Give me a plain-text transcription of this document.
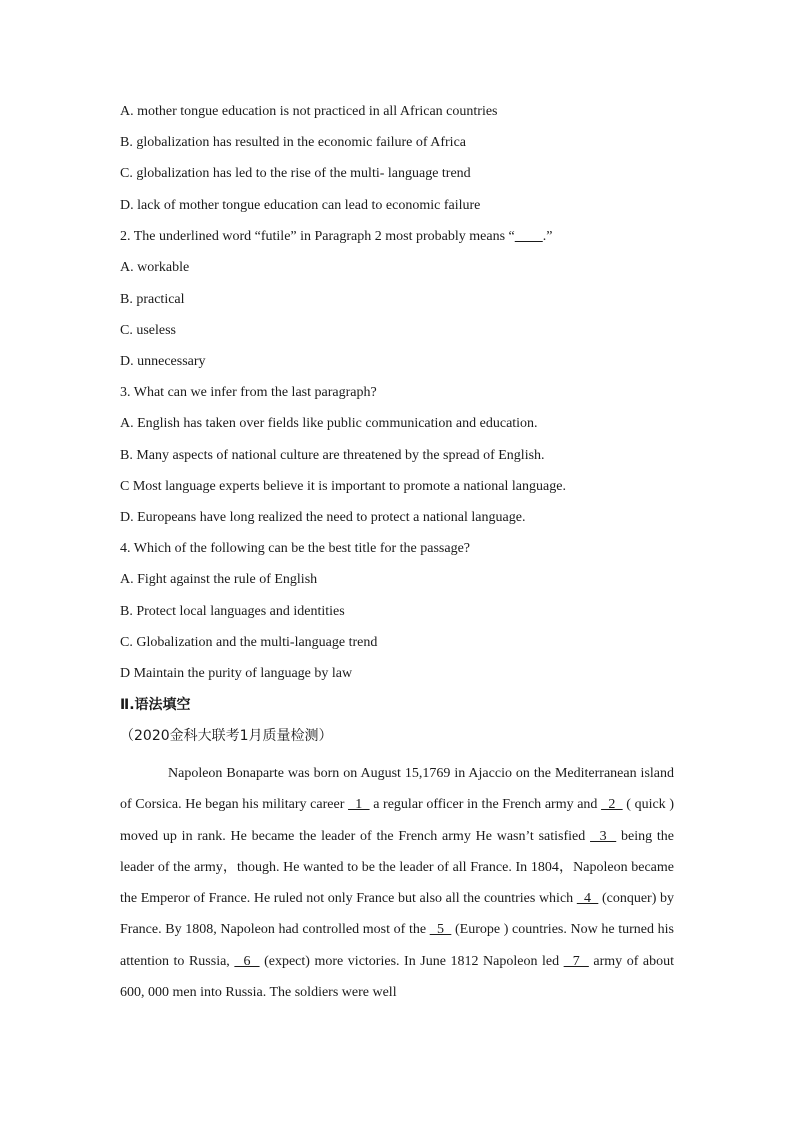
A. mother tongue education is not practiced in all African countries
B. globalization has resulted in the economic failure of Africa
C. globalization has led to the rise of the multi- language trend
D. lack of mother tongue education can lead to economic failure
2. The underlined word “futile” in Paragraph 2 most probably means “ .”
A. workable
B. practical
C. useless
D. unnecessary
3. What can we infer from the last paragraph?
A. English has taken over fields like public communication and education.
B. Many aspects of national culture are threatened by the spread of English.
C Most language experts believe it is important to promote a national language.
D. Europeans have long realized the need to protect a national language.
4. Which of the following can be the best title for the passage?
A. Fight against the rule of English
B. Protect local languages and identities
C. Globalization and the multi-language trend
D Maintain the purity of language by law
Ⅱ.语法填空
（2020金科大联考1月质量检测）
Napoleon Bonaparte was born on August 15,1769 in Ajaccio on the Mediterranean island of Corsica. He began his military career   1   a regular officer in the French army and   2   ( quick ) moved up in rank. He became the leader of the French army He wasn’t satisfied   3   being the leader of the army，though. He wanted to be the leader of all France. In 1804，Napoleon became the Emperor of France. He ruled not only France but also all the countries which   4   (conquer) by France. By 1808, Napoleon had controlled most of the   5   (Europe ) countries. Now he turned his attention to Russia,   6   (expect) more victories. In June 1812 Napoleon led   7   army of about 600, 000 men into Russia. The soldiers were well
